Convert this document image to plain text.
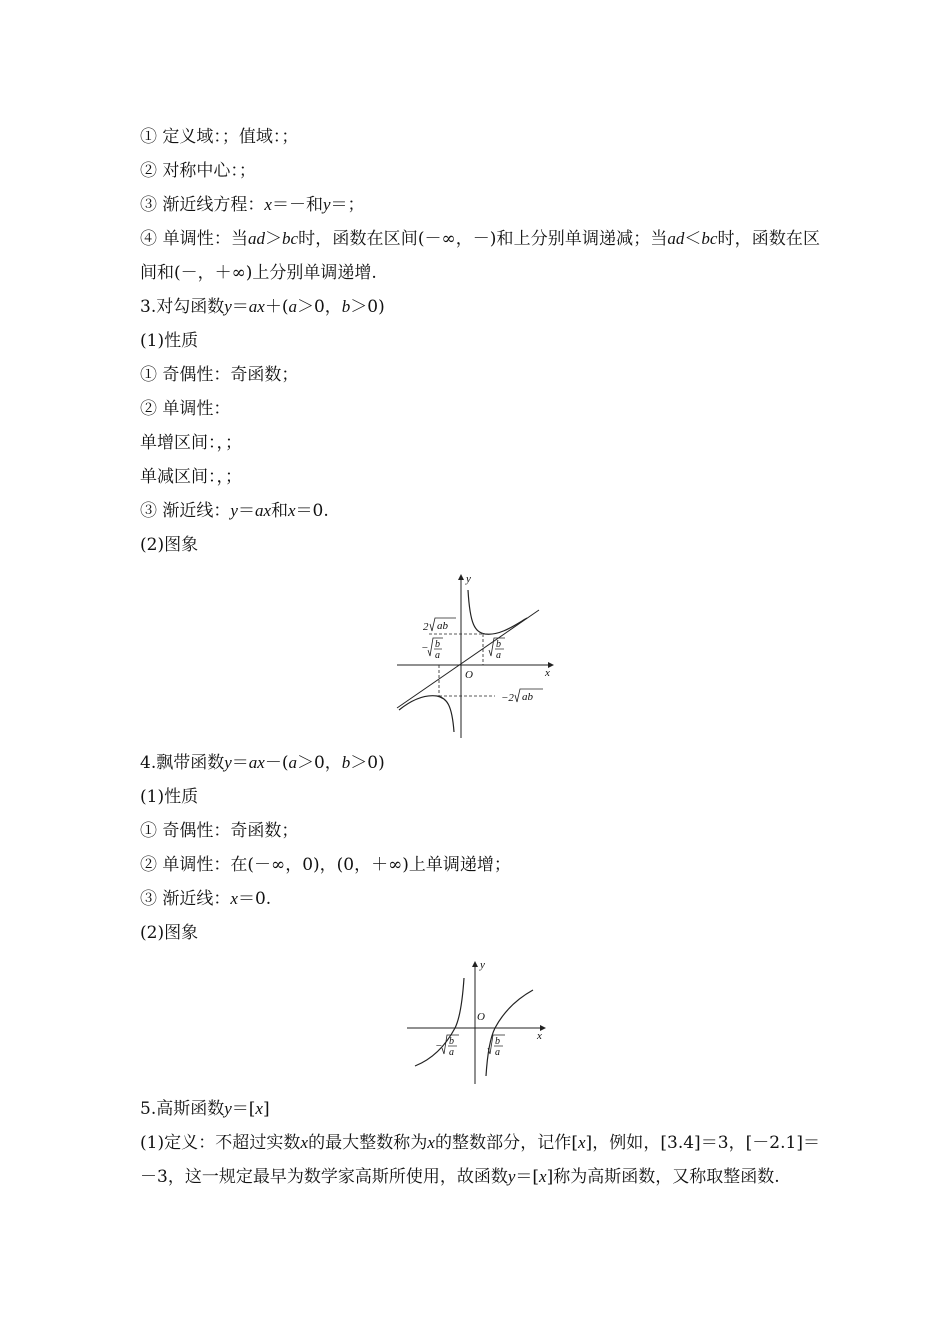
① 定义域：；值域：；
② 对称中心：；
③ 渐近线方程：x＝－和y＝；
④ 单调性：当ad＞bc时，函数在区间(－∞，－)和上分别单调递减；当ad＜bc时，函数在区间和(－，＋∞)上分别单调递增.
3.对勾函数y＝ax＋(a＞0，b＞0)
(1)性质
① 奇偶性：奇函数；
② 单调性：
单增区间：，；
单减区间：，；
③ 渐近线：y＝ax和x＝0.
(2)图象
y
x
O
2 ab
−2 ab
− b
a
b
a
4.飘带函数y＝ax－(a＞0，b＞0)
(1)性质
① 奇偶性：奇函数；
② 单调性：在(－∞，0)，(0，＋∞)上单调递增；
③ 渐近线：x＝0.
(2)图象
y
x
O
− b
a
b
a
5.高斯函数y＝[x]
(1)定义：不超过实数x的最大整数称为x的整数部分，记作[x]，例如，[3.4]＝3，[－2.1]＝－3，这一规定最早为数学家高斯所使用，故函数y＝[x]称为高斯函数，又称取整函数.
